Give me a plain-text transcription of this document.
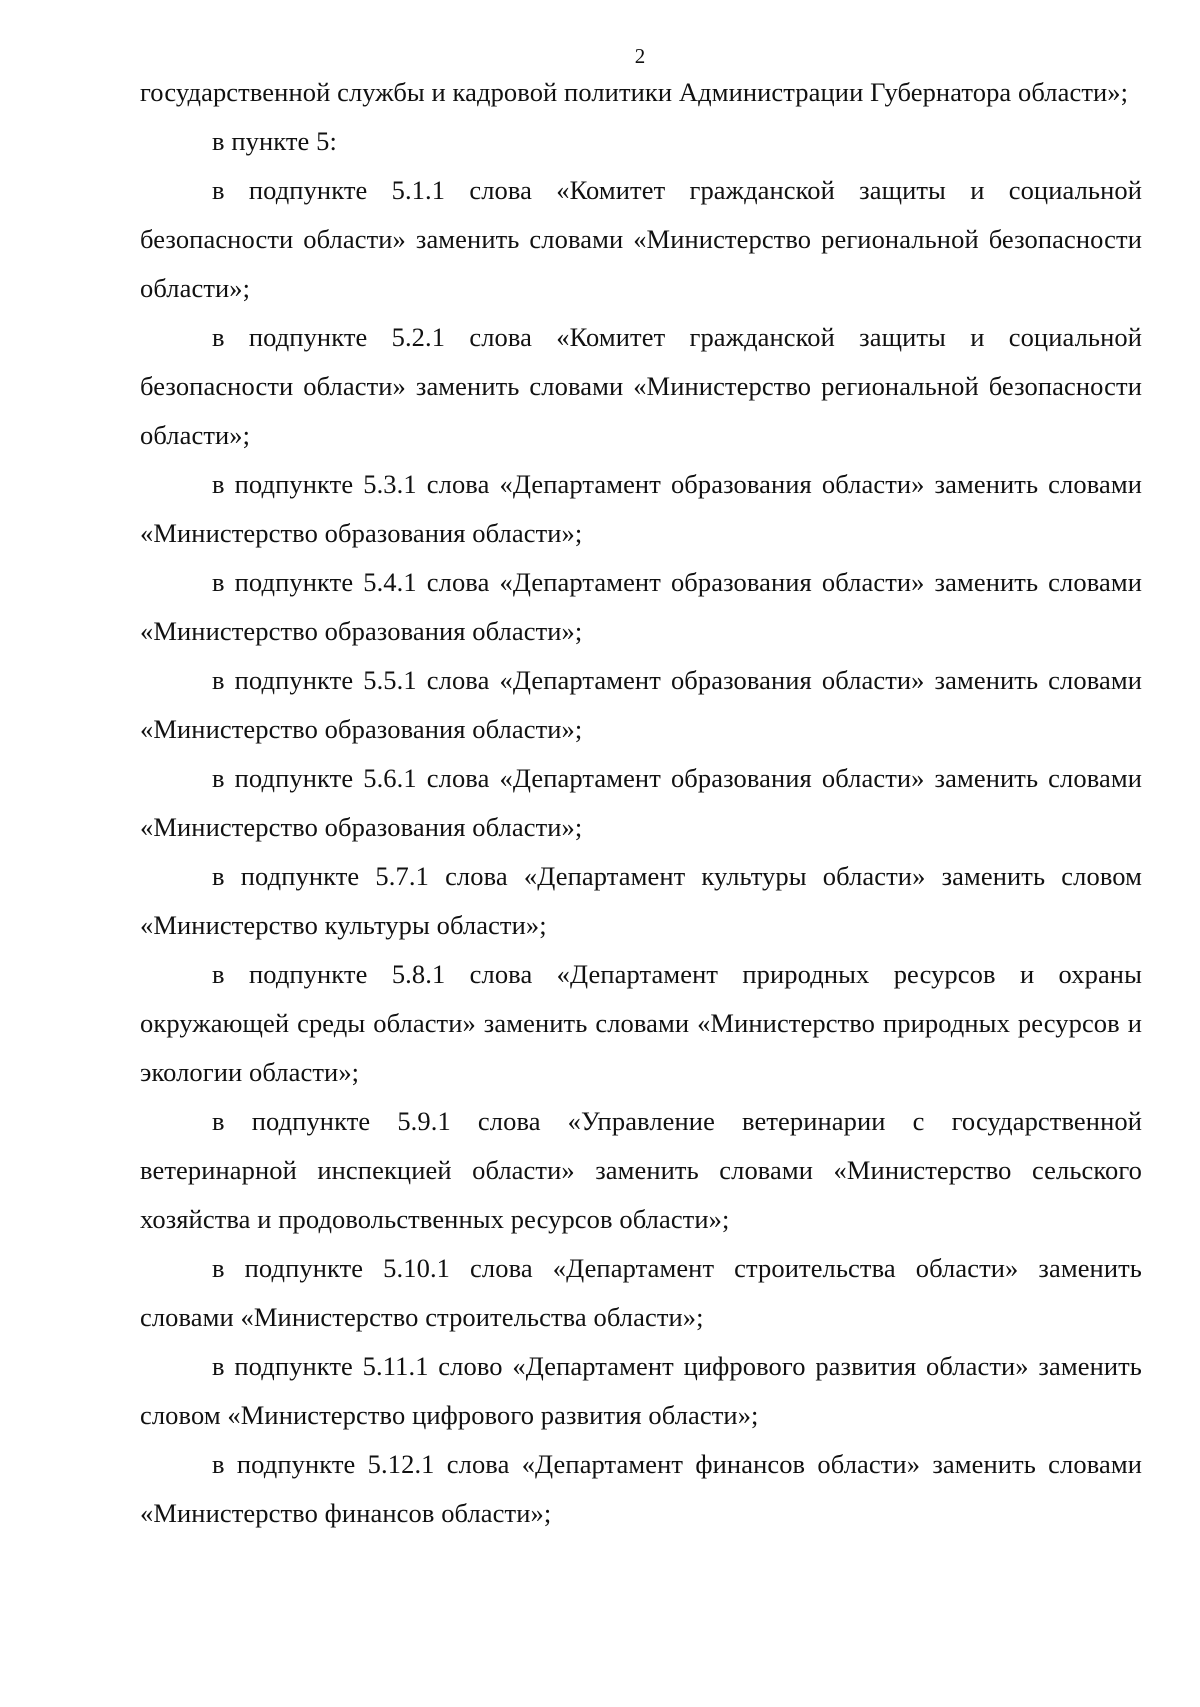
2

государственной службы и кадровой политики Администрации Губернатора области»;

в пункте 5:

в подпункте 5.1.1 слова «Комитет гражданской защиты и социальной безопасности области» заменить словами «Министерство региональной безопасности области»;

в подпункте 5.2.1 слова «Комитет гражданской защиты и социальной безопасности области» заменить словами «Министерство региональной безопасности области»;

в подпункте 5.3.1 слова «Департамент образования области» заменить словами «Министерство образования области»;

в подпункте 5.4.1 слова «Департамент образования области» заменить словами «Министерство образования области»;

в подпункте 5.5.1 слова «Департамент образования области» заменить словами «Министерство образования области»;

в подпункте 5.6.1 слова «Департамент образования области» заменить словами «Министерство образования области»;

в подпункте 5.7.1 слова «Департамент культуры области» заменить словом «Министерство культуры области»;

в подпункте 5.8.1 слова «Департамент природных ресурсов и охраны окружающей среды области» заменить словами «Министерство природных ресурсов и экологии области»;

в подпункте 5.9.1 слова «Управление ветеринарии с государственной ветеринарной инспекцией области» заменить словами «Министерство сельского хозяйства и продовольственных ресурсов области»;

в подпункте 5.10.1 слова «Департамент строительства области» заменить словами «Министерство строительства области»;

в подпункте 5.11.1 слово «Департамент цифрового развития области» заменить словом «Министерство цифрового развития области»;

в подпункте 5.12.1 слова «Департамент финансов области» заменить словами «Министерство финансов области»;
